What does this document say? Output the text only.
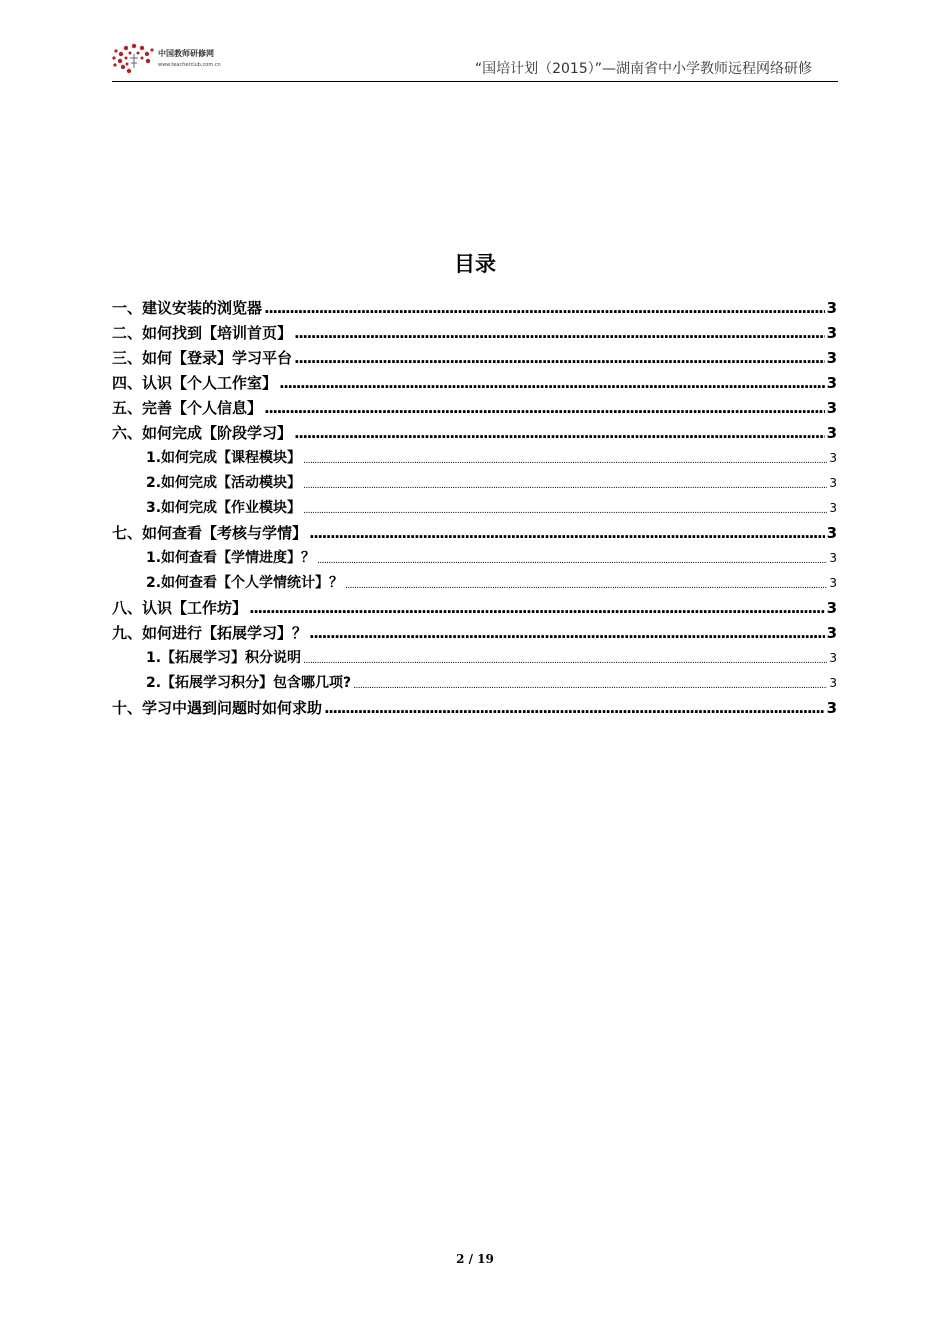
中国教师研修网
www.teacherclub.com.cn	“国培计划（2015）”—湖南省中小学教师远程网络研修
目录
一、建议安装的浏览器 .....	3
二、如何找到【培训首页】 .....	3
三、如何【登录】学习平台 .....	3
四、认识【个人工作室】 .....	3
五、完善【个人信息】 .....	3
六、如何完成【阶段学习】 .....	3
1.如何完成【课程模块】 .....	3
2.如何完成【活动模块】 .....	3
3.如何完成【作业模块】 .....	3
七、如何查看【考核与学情】 .....	3
1.如何查看【学情进度】？ .....	3
2.如何查看【个人学情统计】？ .....	3
八、认识【工作坊】 .....	3
九、如何进行【拓展学习】？ .....	3
1.【拓展学习】积分说明 .....	3
2.【拓展学习积分】包含哪几项? .....	3
十、学习中遇到问题时如何求助 .....	3
2 / 19
